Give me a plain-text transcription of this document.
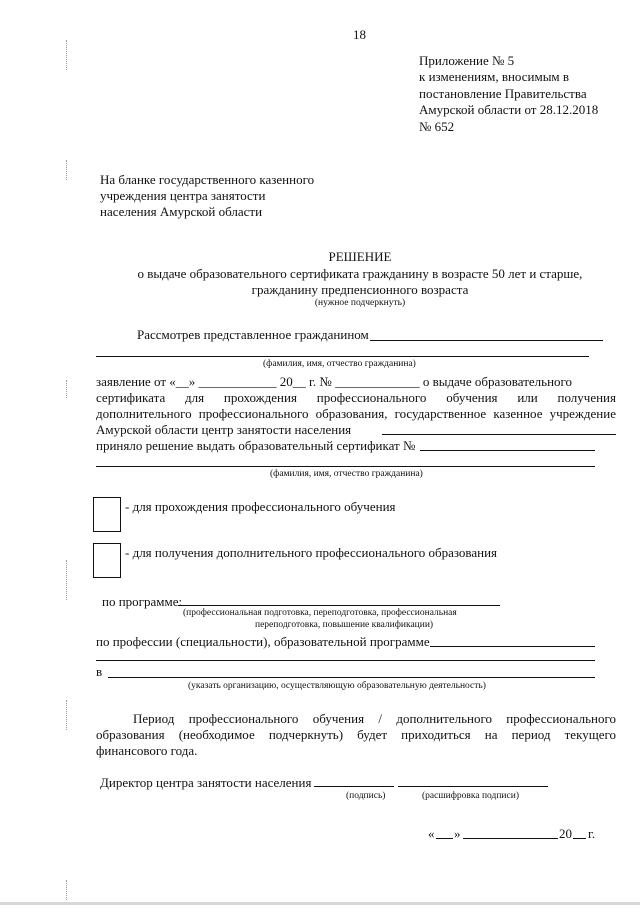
18
Приложение № 5
к изменениям, вносимым в
постановление Правительства
Амурской области от 28.12.2018
№ 652
На бланке государственного казенного
учреждения центра занятости
населения Амурской области
РЕШЕНИЕ
о выдаче образовательного сертификата гражданину в возрасте 50 лет и старше,
гражданину предпенсионного возраста
(нужное подчеркнуть)
Рассмотрев представленное гражданином
(фамилия, имя, отчество гражданина)
заявление от «__» ____________ 20__ г. № _____________ о выдаче образовательного
сертификата для прохождения профессионального обучения или получения
дополнительного профессионального образования, государственное казенное учреждение
Амурской области центр занятости населения
приняло решение выдать образовательный сертификат №
(фамилия, имя, отчество гражданина)
- для прохождения профессионального обучения
- для получения дополнительного профессионального образования
по программе:
(профессиональная подготовка, переподготовка, профессиональная
переподготовка, повышение квалификации)
по профессии (специальности), образовательной программе
в
(указать организацию, осуществляющую образовательную деятельность)
Период профессионального обучения / дополнительного профессионального
образования (необходимое подчеркнуть) будет приходиться на период текущего
финансового года.
Директор центра занятости населения
(подпись)	(расшифровка подписи)
« »	20 г.
